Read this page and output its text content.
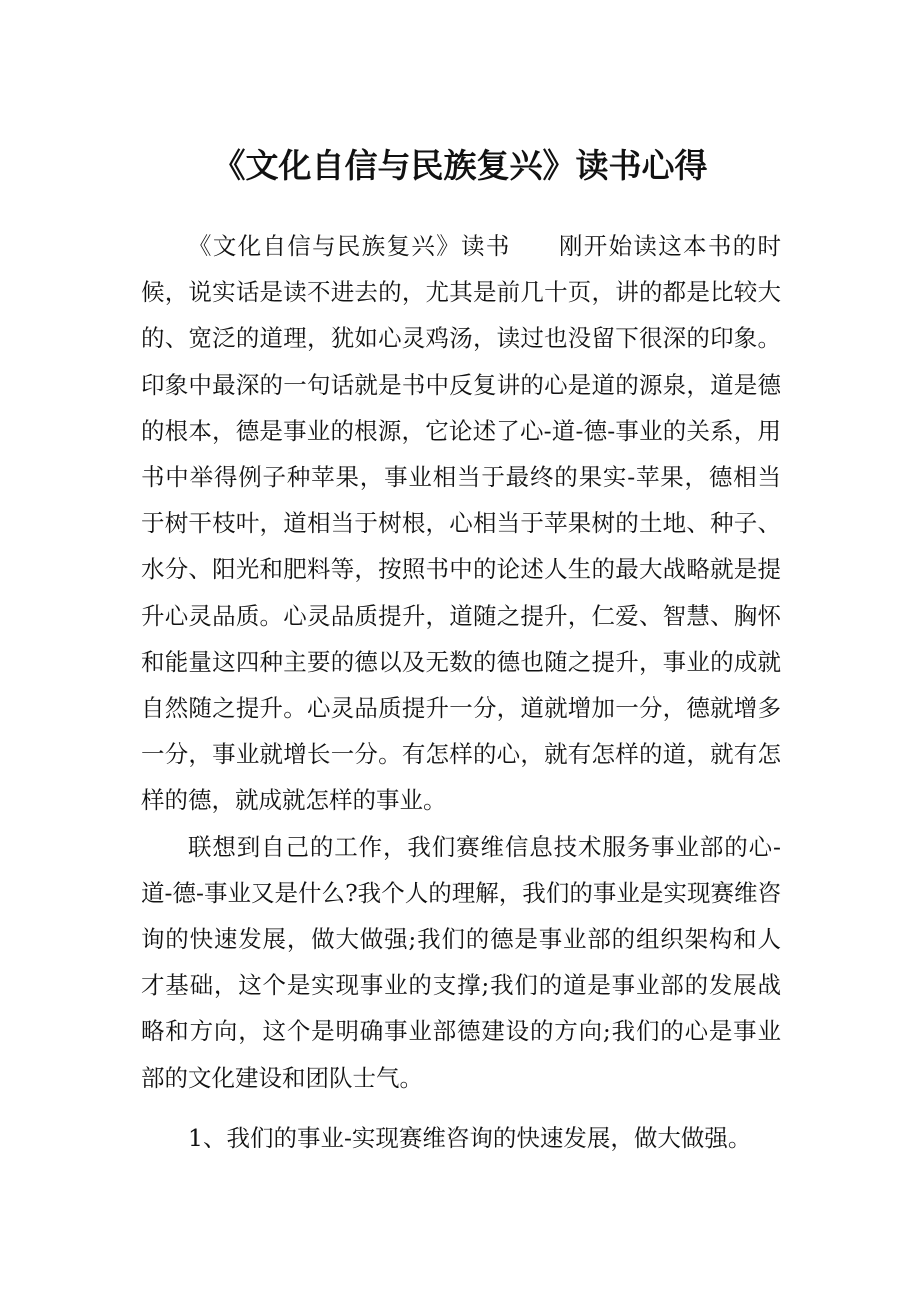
《文化自信与民族复兴》读书心得

《文化自信与民族复兴》读书 刚开始读这本书的时候，说实话是读不进去的，尤其是前几十页，讲的都是比较大的、宽泛的道理，犹如心灵鸡汤，读过也没留下很深的印象。印象中最深的一句话就是书中反复讲的心是道的源泉，道是德的根本，德是事业的根源，它论述了心-道-德-事业的关系，用书中举得例子种苹果，事业相当于最终的果实-苹果，德相当于树干枝叶，道相当于树根，心相当于苹果树的土地、种子、水分、阳光和肥料等，按照书中的论述人生的最大战略就是提升心灵品质。心灵品质提升，道随之提升，仁爱、智慧、胸怀和能量这四种主要的德以及无数的德也随之提升，事业的成就自然随之提升。心灵品质提升一分，道就增加一分，德就增多一分，事业就增长一分。有怎样的心，就有怎样的道，就有怎样的德，就成就怎样的事业。

联想到自己的工作，我们赛维信息技术服务事业部的心-道-德-事业又是什么?我个人的理解，我们的事业是实现赛维咨询的快速发展，做大做强;我们的德是事业部的组织架构和人才基础，这个是实现事业的支撑;我们的道是事业部的发展战略和方向，这个是明确事业部德建设的方向;我们的心是事业部的文化建设和团队士气。

1、我们的事业-实现赛维咨询的快速发展，做大做强。
